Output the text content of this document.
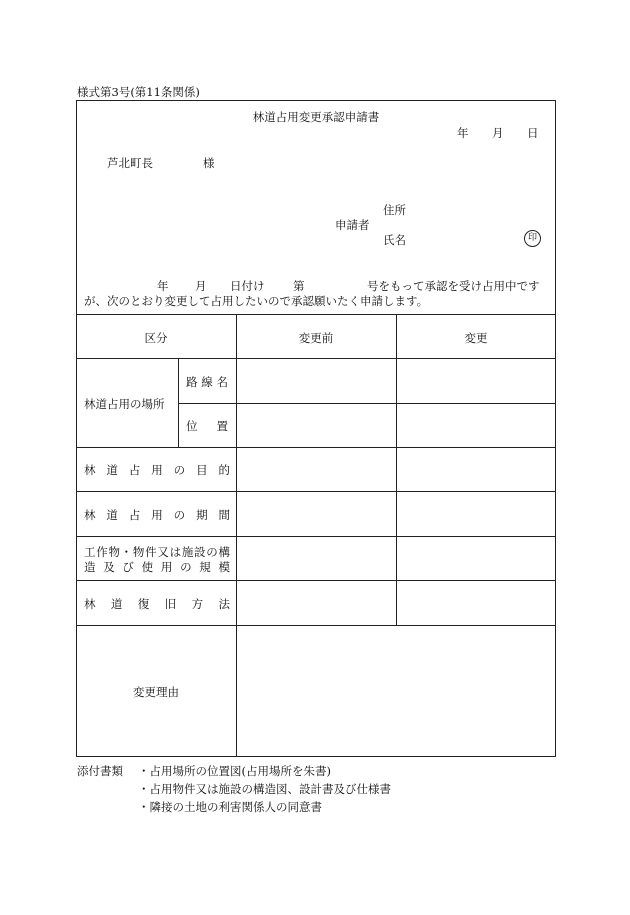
様式第3号(第11条関係)
林道占用変更承認申請書
年 月 日
芦北町長	様
住所
申請者
氏名	印
年 月 日付け 第	号をもって承認を受け占用中です
が、次のとおり変更して占用したいので承認願いたく申請します。
区分	変更前	変更
林道占用の場所
路線名
位置
林道占用の目的
林道占用の期間
工作物・物件又は施設の構
造及び使用の規模
林道復旧方法
変更理由
添付書類 ・占用場所の位置図(占用場所を朱書)
・占用物件又は施設の構造図、設計書及び仕様書
・隣接の土地の利害関係人の同意書
